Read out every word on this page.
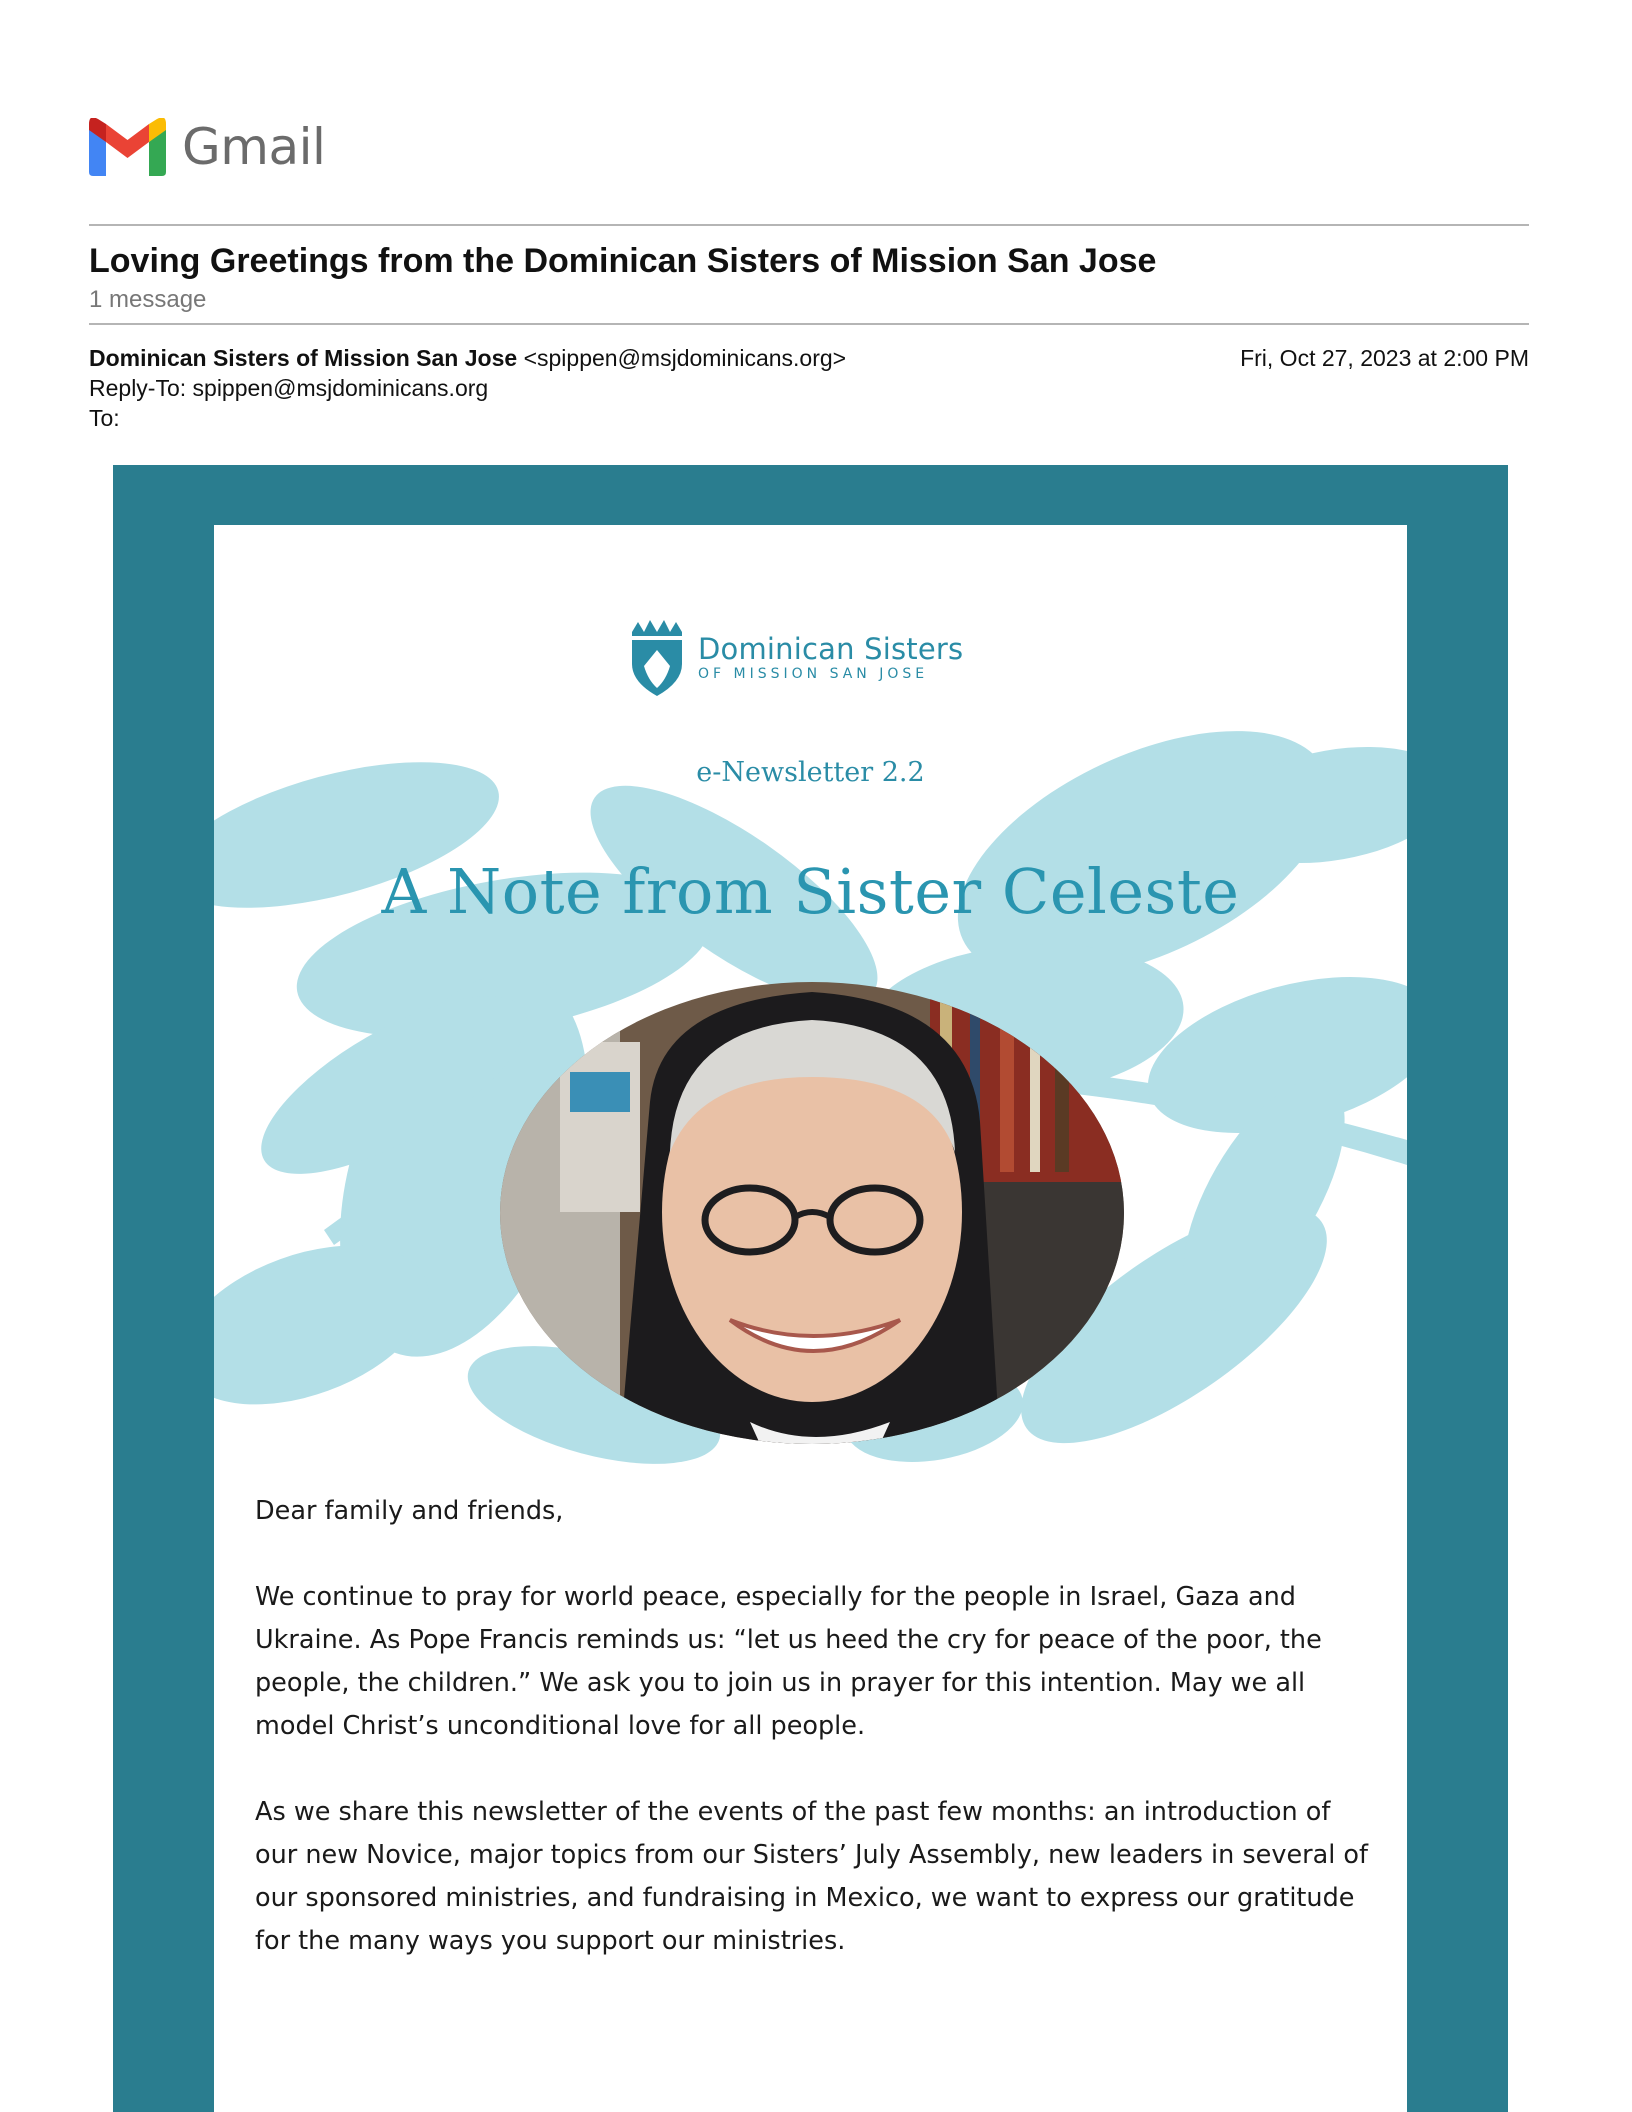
Gmail
Loving Greetings from the Dominican Sisters of Mission San Jose
1 message
Dominican Sisters of Mission San Jose <spippen@msjdominicans.org>	Fri, Oct 27, 2023 at 2:00 PM
Reply-To: spippen@msjdominicans.org
To:
Dominican Sisters
OF MISSION SAN JOSE
e-Newsletter 2.2
A Note from Sister Celeste

Dear family and friends,

We continue to pray for world peace, especially for the people in Israel, Gaza and Ukraine. As Pope Francis reminds us: “let us heed the cry for peace of the poor, the people, the children.” We ask you to join us in prayer for this intention. May we all model Christ’s unconditional love for all people.

As we share this newsletter of the events of the past few months: an introduction of our new Novice, major topics from our Sisters’ July Assembly, new leaders in several of our sponsored ministries, and fundraising in Mexico, we want to express our gratitude for the many ways you support our ministries.
